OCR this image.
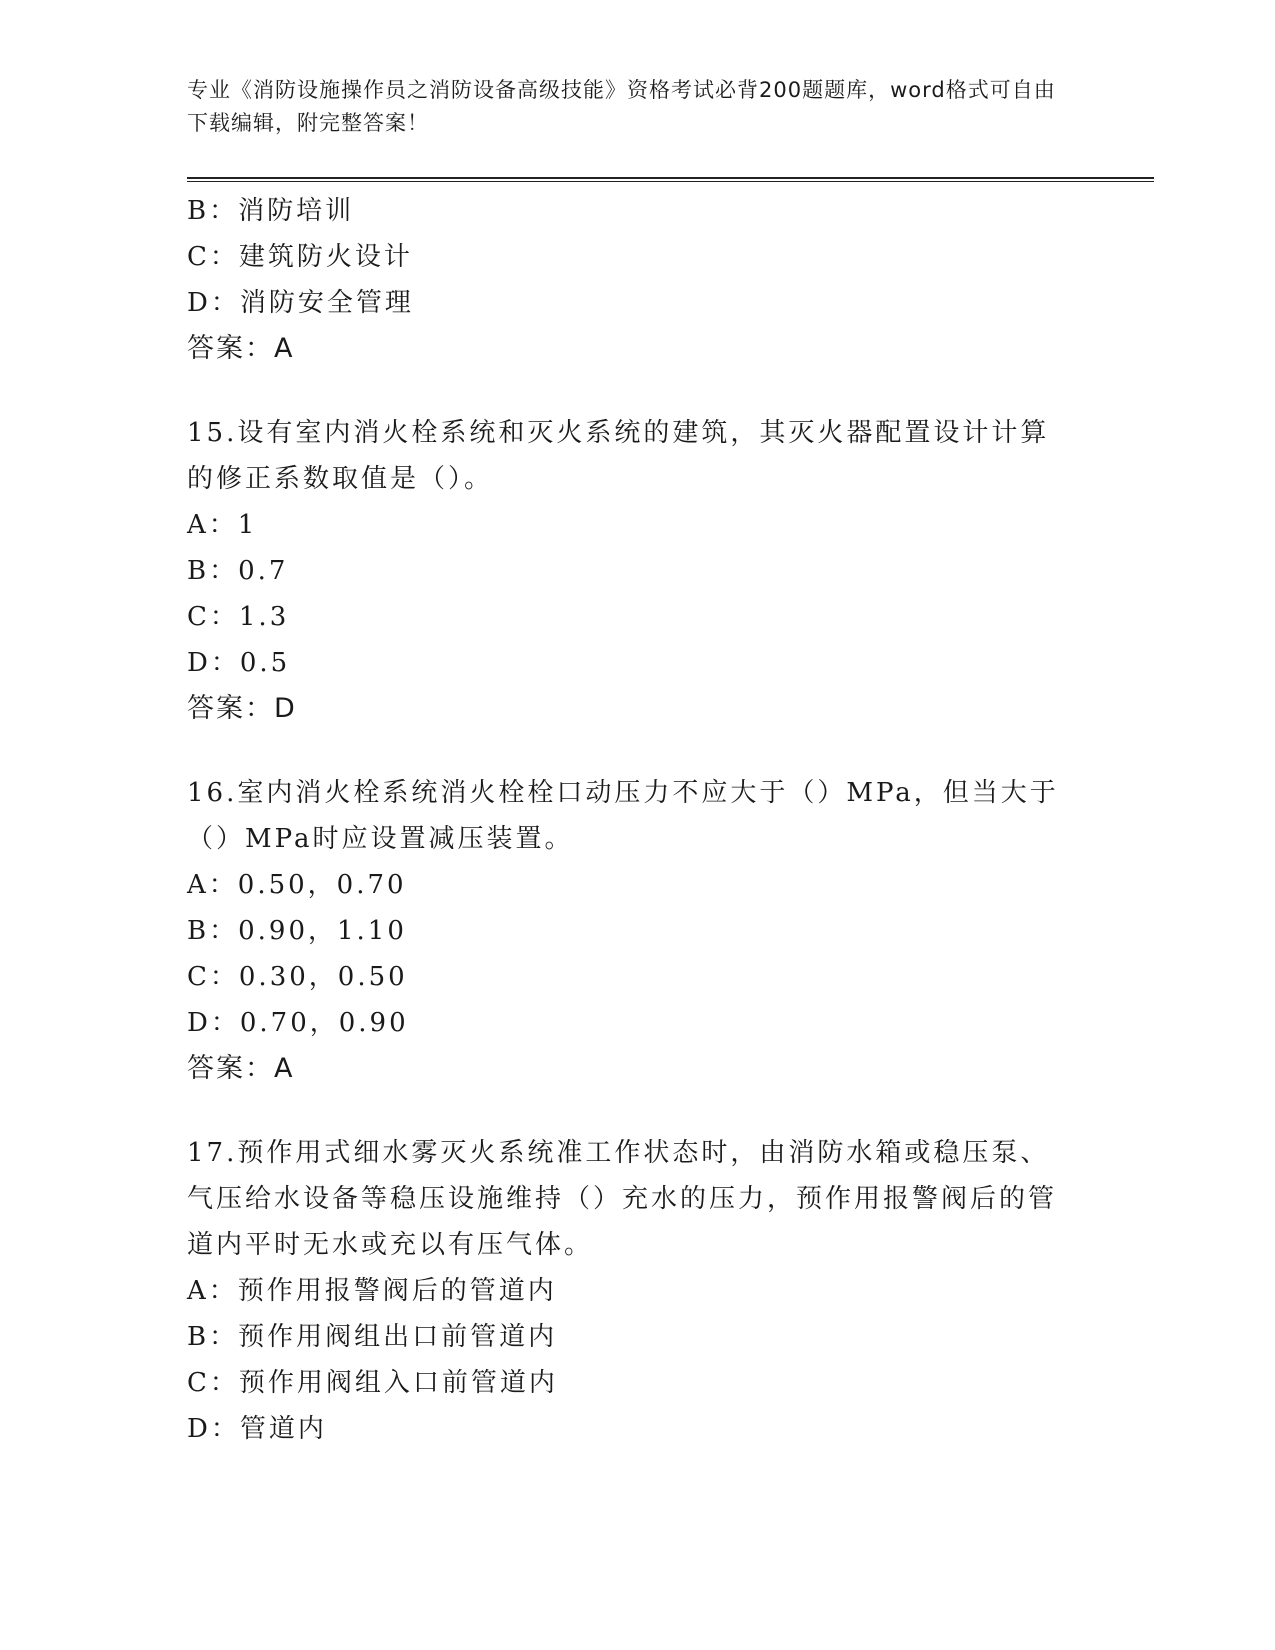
专业《消防设施操作员之消防设备高级技能》资格考试必背200题题库，word格式可自由下载编辑，附完整答案！
B：消防培训
C：建筑防火设计
D：消防安全管理
答案：A
15.设有室内消火栓系统和灭火系统的建筑，其灭火器配置设计计算的修正系数取值是（）。
A：1
B：0.7
C：1.3
D：0.5
答案：D
16.室内消火栓系统消火栓栓口动压力不应大于（）MPa，但当大于（）MPa时应设置减压装置。
A：0.50，0.70
B：0.90，1.10
C：0.30，0.50
D：0.70，0.90
答案：A
17.预作用式细水雾灭火系统准工作状态时，由消防水箱或稳压泵、气压给水设备等稳压设施维持（）充水的压力，预作用报警阀后的管道内平时无水或充以有压气体。
A：预作用报警阀后的管道内
B：预作用阀组出口前管道内
C：预作用阀组入口前管道内
D：管道内
